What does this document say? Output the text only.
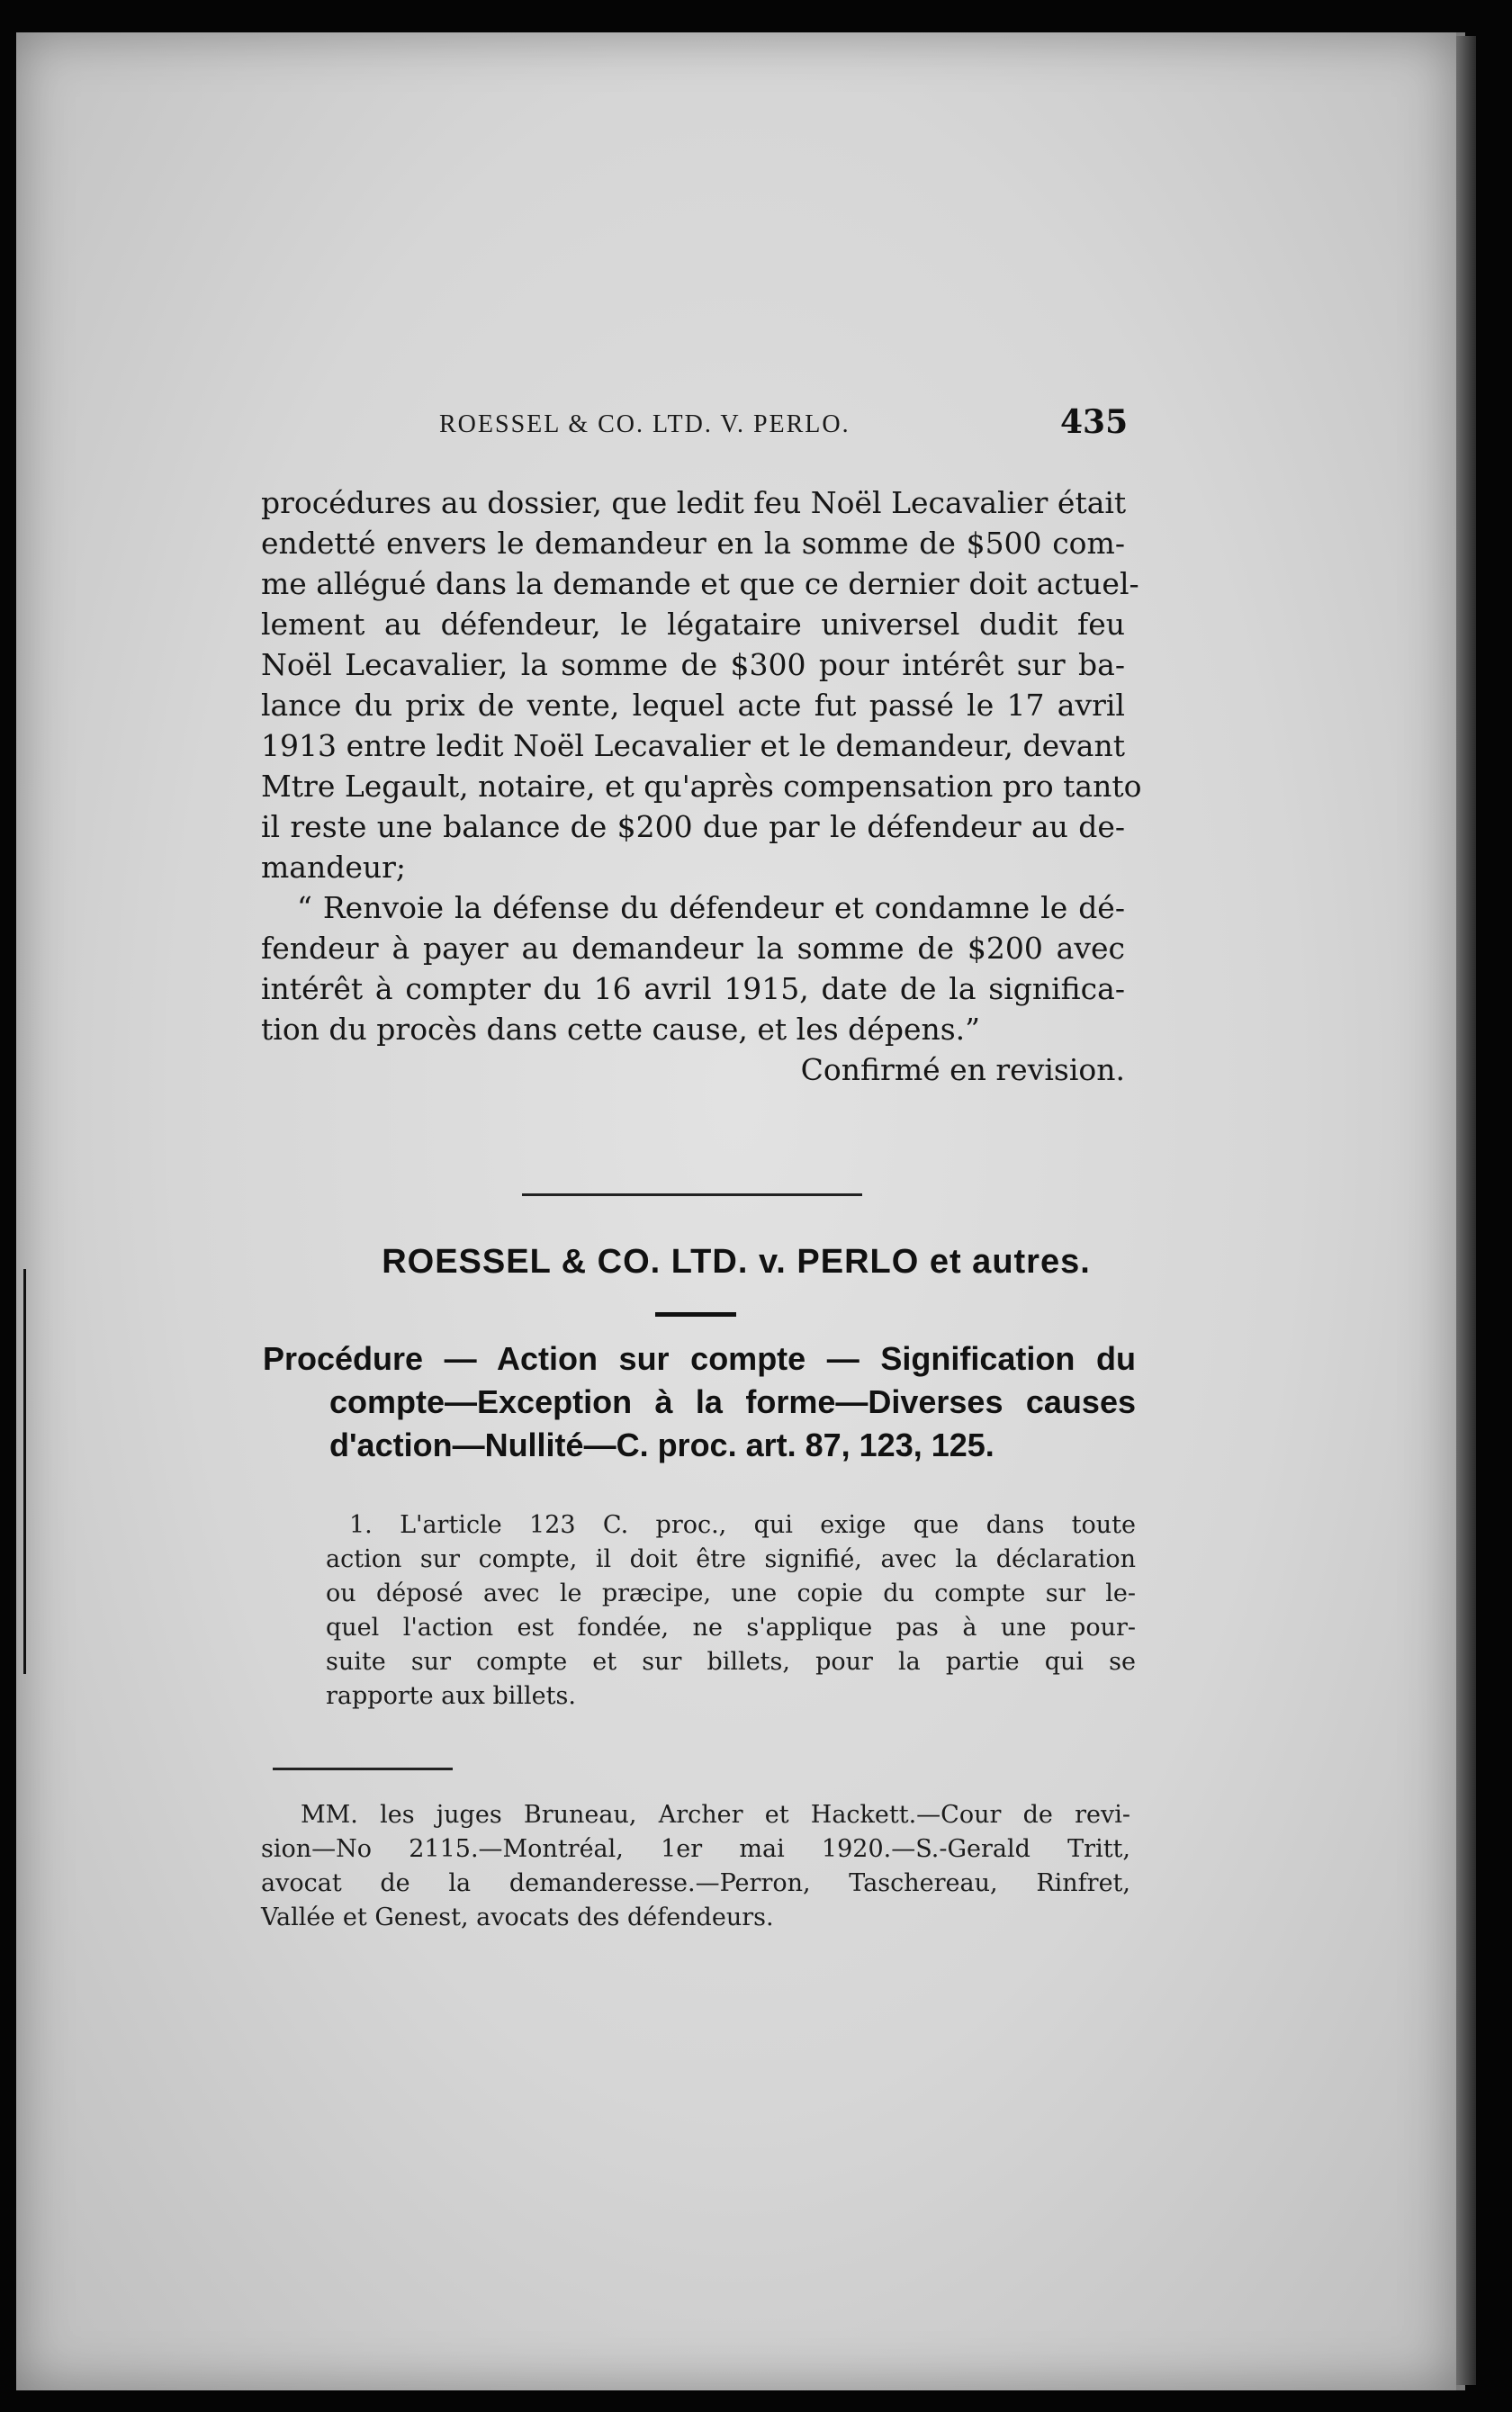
ROESSEL & CO. LTD. V. PERLO.	435
procédures au dossier, que ledit feu Noël Lecavalier était
endetté envers le demandeur en la somme de $500 com-
me allégué dans la demande et que ce dernier doit actuel-
lement au défendeur, le légataire universel dudit feu
Noël Lecavalier, la somme de $300 pour intérêt sur ba-
lance du prix de vente, lequel acte fut passé le 17 avril
1913 entre ledit Noël Lecavalier et le demandeur, devant
Mtre Legault, notaire, et qu'après compensation pro tanto
il reste une balance de $200 due par le défendeur au de-
mandeur;
“ Renvoie la défense du défendeur et condamne le dé-
fendeur à payer au demandeur la somme de $200 avec
intérêt à compter du 16 avril 1915, date de la significa-
tion du procès dans cette cause, et les dépens.”
Confirmé en revision.
ROESSEL & CO. LTD. v. PERLO et autres.
Procédure — Action sur compte — Signification du
compte—Exception à la forme—Diverses causes
d'action—Nullité—C. proc. art. 87, 123, 125.
1. L'article 123 C. proc., qui exige que dans toute
action sur compte, il doit être signifié, avec la déclaration
ou déposé avec le præcipe, une copie du compte sur le-
quel l'action est fondée, ne s'applique pas à une pour-
suite sur compte et sur billets, pour la partie qui se
rapporte aux billets.
MM. les juges Bruneau, Archer et Hackett.—Cour de revi-
sion—No 2115.—Montréal, 1er mai 1920.—S.-Gerald Tritt,
avocat de la demanderesse.—Perron, Taschereau, Rinfret,
Vallée et Genest, avocats des défendeurs.
